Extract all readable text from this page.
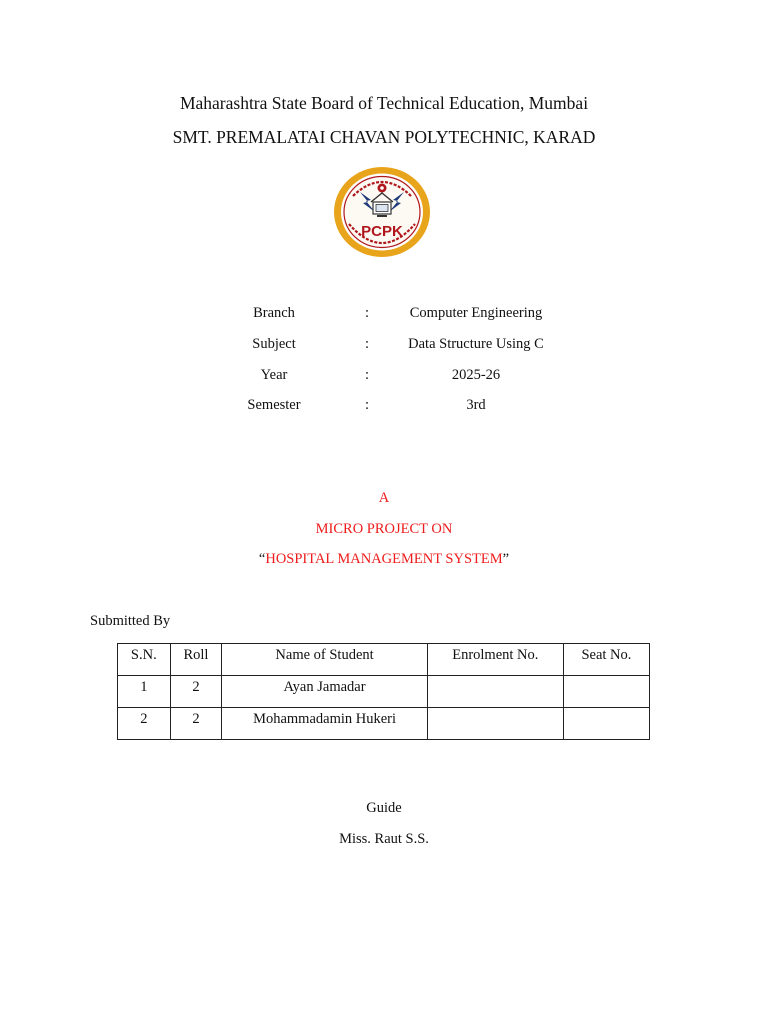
Maharashtra State Board of Technical Education, Mumbai
SMT. PREMALATAI CHAVAN POLYTECHNIC, KARAD
PCPK
Branch	:	Computer Engineering
Subject	:	Data Structure Using C
Year	:	2025-26
Semester	:	3rd
A
MICRO PROJECT ON
“HOSPITAL MANAGEMENT SYSTEM”
Submitted By
S.N.	Roll	Name of Student	Enrolment No.	Seat No.
1	2	Ayan Jamadar		
2	2	Mohammadamin Hukeri		
Guide
Miss. Raut S.S.
